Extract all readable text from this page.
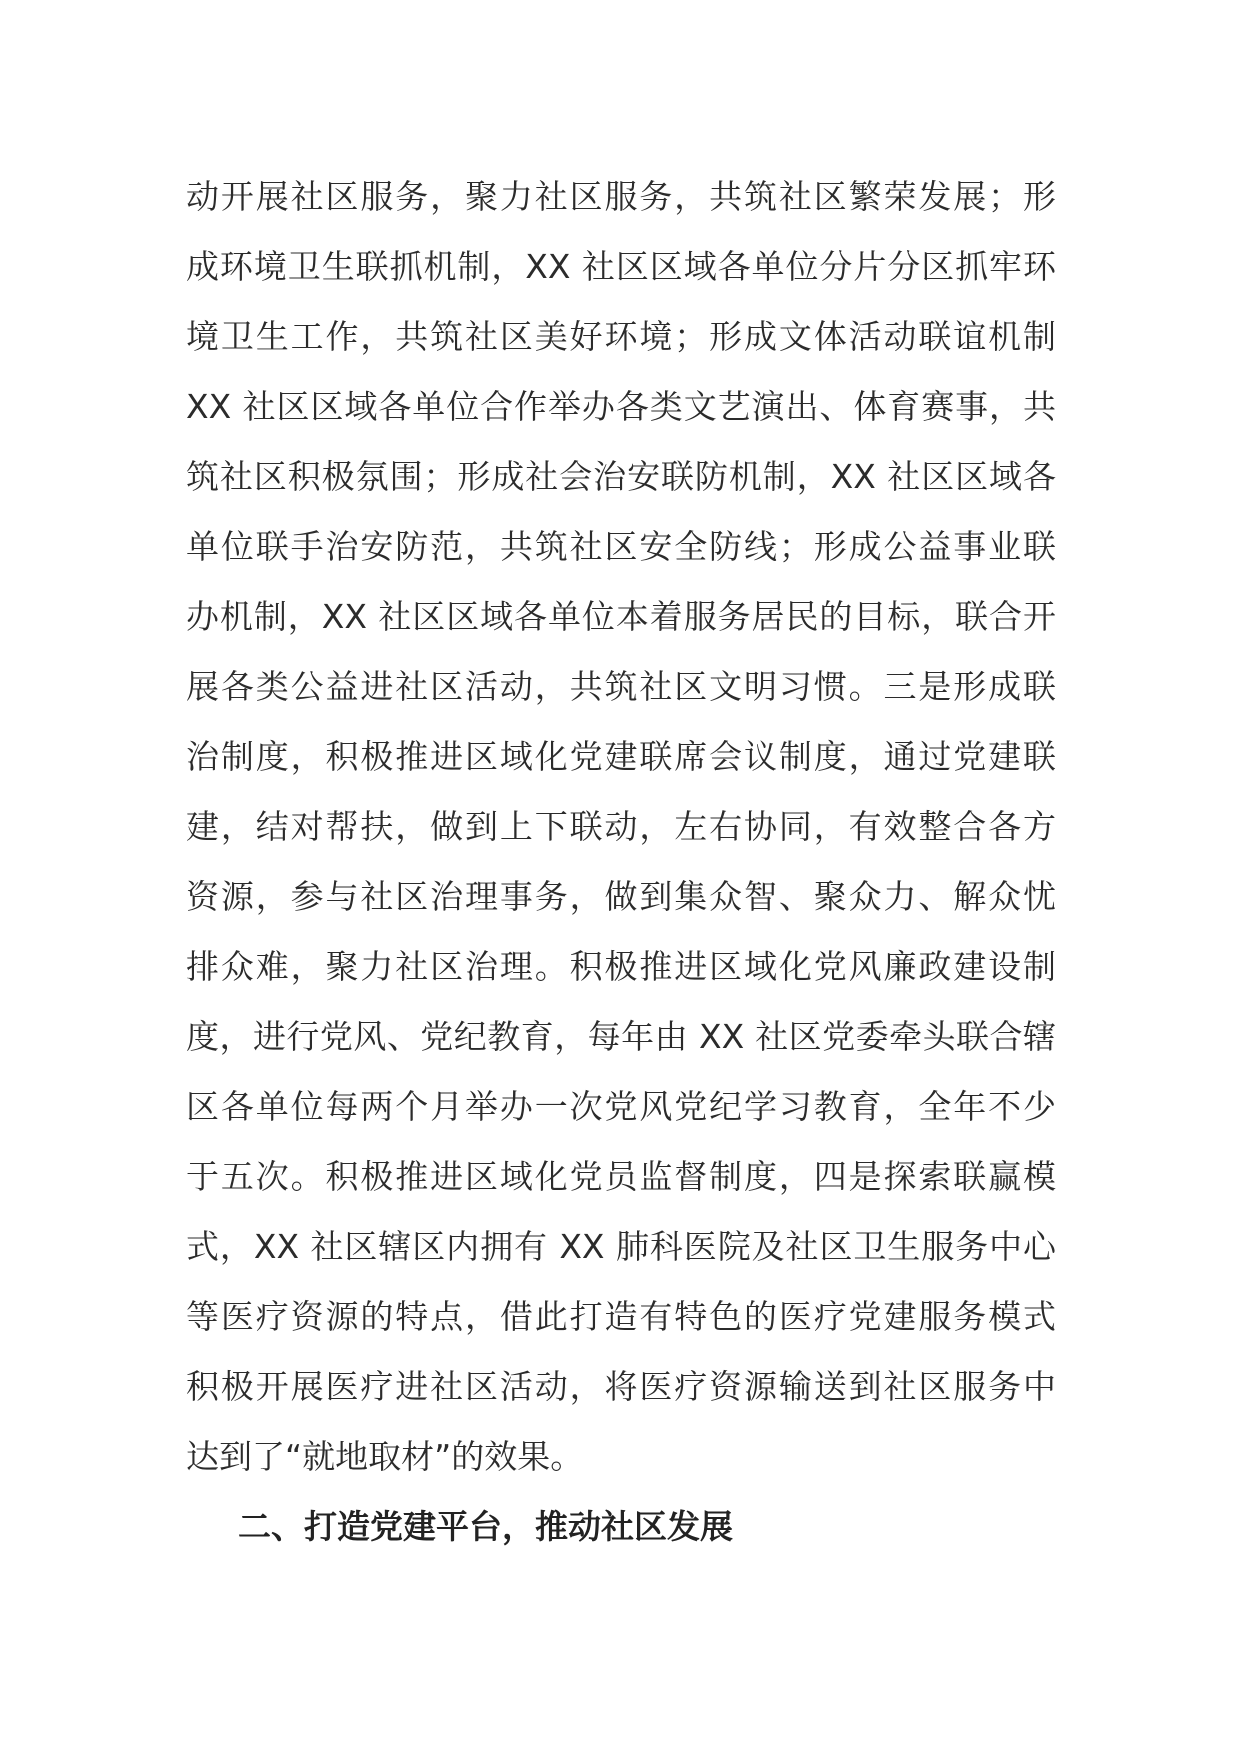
动开展社区服务，聚力社区服务，共筑社区繁荣发展；形
成环境卫生联抓机制，XX 社区区域各单位分片分区抓牢环
境卫生工作，共筑社区美好环境；形成文体活动联谊机制
XX 社区区域各单位合作举办各类文艺演出、体育赛事，共
筑社区积极氛围；形成社会治安联防机制，XX 社区区域各
单位联手治安防范，共筑社区安全防线；形成公益事业联
办机制，XX 社区区域各单位本着服务居民的目标，联合开
展各类公益进社区活动，共筑社区文明习惯。三是形成联
治制度，积极推进区域化党建联席会议制度，通过党建联
建，结对帮扶，做到上下联动，左右协同，有效整合各方
资源，参与社区治理事务，做到集众智、聚众力、解众忧
排众难，聚力社区治理。积极推进区域化党风廉政建设制
度，进行党风、党纪教育，每年由 XX 社区党委牵头联合辖
区各单位每两个月举办一次党风党纪学习教育，全年不少
于五次。积极推进区域化党员监督制度，四是探索联赢模
式，XX 社区辖区内拥有 XX 肺科医院及社区卫生服务中心
等医疗资源的特点，借此打造有特色的医疗党建服务模式
积极开展医疗进社区活动，将医疗资源输送到社区服务中
达到了“就地取材”的效果。
二、打造党建平台，推动社区发展
